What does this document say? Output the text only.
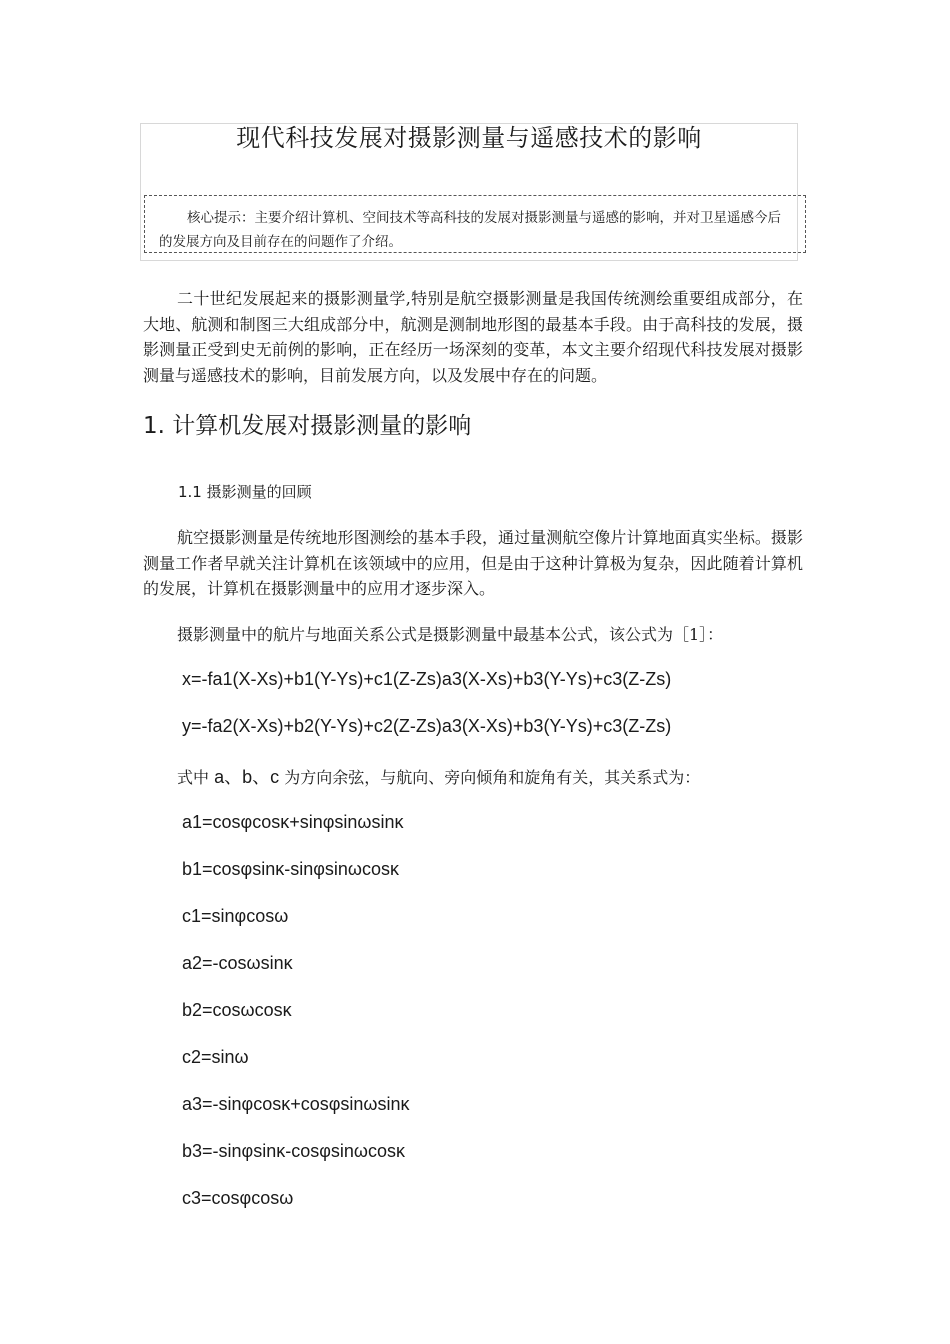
现代科技发展对摄影测量与遥感技术的影响
核心提示：主要介绍计算机、空间技术等高科技的发展对摄影测量与遥感的影响，并对卫星遥感今后的发展方向及目前存在的问题作了介绍。
二十世纪发展起来的摄影测量学,特别是航空摄影测量是我国传统测绘重要组成部分，在大地、航测和制图三大组成部分中，航测是测制地形图的最基本手段。由于高科技的发展，摄影测量正受到史无前例的影响，正在经历一场深刻的变革，本文主要介绍现代科技发展对摄影测量与遥感技术的影响，目前发展方向，以及发展中存在的问题。
1. 计算机发展对摄影测量的影响
1.1 摄影测量的回顾
航空摄影测量是传统地形图测绘的基本手段，通过量测航空像片计算地面真实坐标。摄影测量工作者早就关注计算机在该领域中的应用，但是由于这种计算极为复杂，因此随着计算机的发展，计算机在摄影测量中的应用才逐步深入。
摄影测量中的航片与地面关系公式是摄影测量中最基本公式，该公式为［1］：
x=-fa1(X-Xs)+b1(Y-Ys)+c1(Z-Zs)a3(X-Xs)+b3(Y-Ys)+c3(Z-Zs)
y=-fa2(X-Xs)+b2(Y-Ys)+c2(Z-Zs)a3(X-Xs)+b3(Y-Ys)+c3(Z-Zs)
式中 a、b、c 为方向余弦，与航向、旁向倾角和旋角有关，其关系式为：
a1=cosφcosκ+sinφsinωsinκ
b1=cosφsinκ-sinφsinωcosκ
c1=sinφcosω
a2=-cosωsinκ
b2=cosωcosκ
c2=sinω
a3=-sinφcosκ+cosφsinωsinκ
b3=-sinφsinκ-cosφsinωcosκ
c3=cosφcosω
